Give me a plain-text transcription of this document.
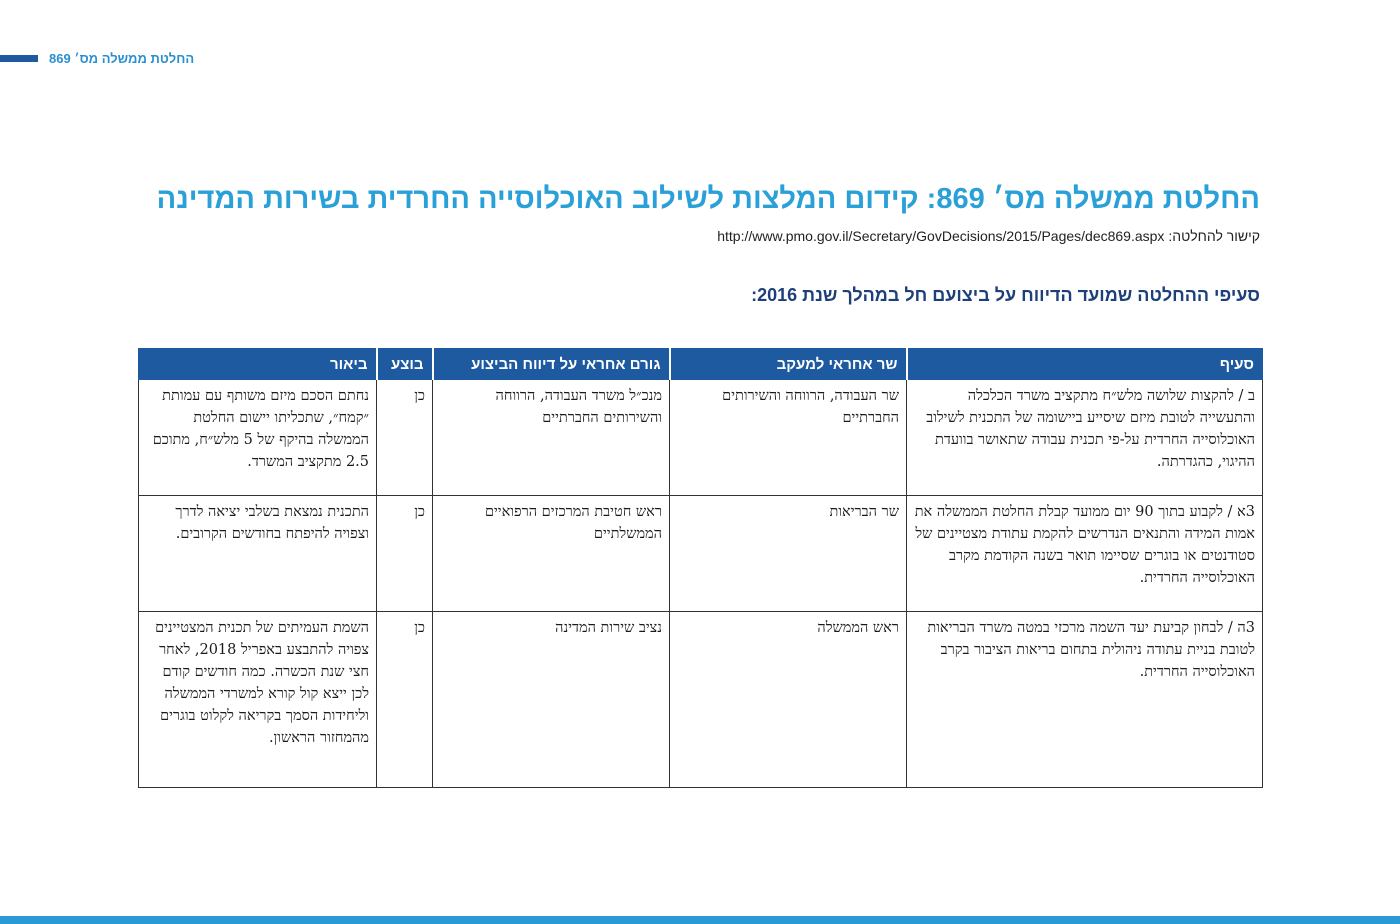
החלטת ממשלה מס׳ 869
החלטת ממשלה מס׳ 869: קידום המלצות לשילוב האוכלוסייה החרדית בשירות המדינה
קישור להחלטה: http://www.pmo.gov.il/Secretary/GovDecisions/2015/Pages/dec869.aspx
סעיפי ההחלטה שמועד הדיווח על ביצועם חל במהלך שנת 2016:
סעיף	שר אחראי למעקב	גורם אחראי על דיווח הביצוע	בוצע	ביאור
ב / להקצות שלושה מלש״ח מתקציב משרד הכלכלה והתעשייה לטובת מיזם שיסייע ביישומה של התכנית לשילוב האוכלוסייה החרדית על-פי תכנית עבודה שתאושר בוועדת ההיגוי, כהגדרתה.	שר העבודה, הרווחה והשירותים החברתיים	מנכ״ל משרד העבודה, הרווחה והשירותים החברתיים	כן	נחתם הסכם מיזם משותף עם עמותת ״קמח״, שתכליתו יישום החלטת הממשלה בהיקף של 5 מלש״ח, מתוכם 2.5 מתקציב המשרד.
3א / לקבוע בתוך 90 יום ממועד קבלת החלטת הממשלה את אמות המידה והתנאים הנדרשים להקמת עתודת מצטיינים של סטודנטים או בוגרים שסיימו תואר בשנה הקודמת מקרב האוכלוסייה החרדית.	שר הבריאות	ראש חטיבת המרכזים הרפואיים הממשלתיים	כן	התכנית נמצאת בשלבי יציאה לדרך וצפויה להיפתח בחודשים הקרובים.
3ה / לבחון קביעת יעד השמה מרכזי במטה משרד הבריאות לטובת בניית עתודה ניהולית בתחום בריאות הציבור בקרב האוכלוסייה החרדית.	ראש הממשלה	נציב שירות המדינה	כן	השמת העמיתים של תכנית המצטיינים צפויה להתבצע באפריל 2018, לאחר חצי שנת הכשרה. כמה חודשים קודם לכן ייצא קול קורא למשרדי הממשלה וליחידות הסמך בקריאה לקלוט בוגרים מהמחזור הראשון.
